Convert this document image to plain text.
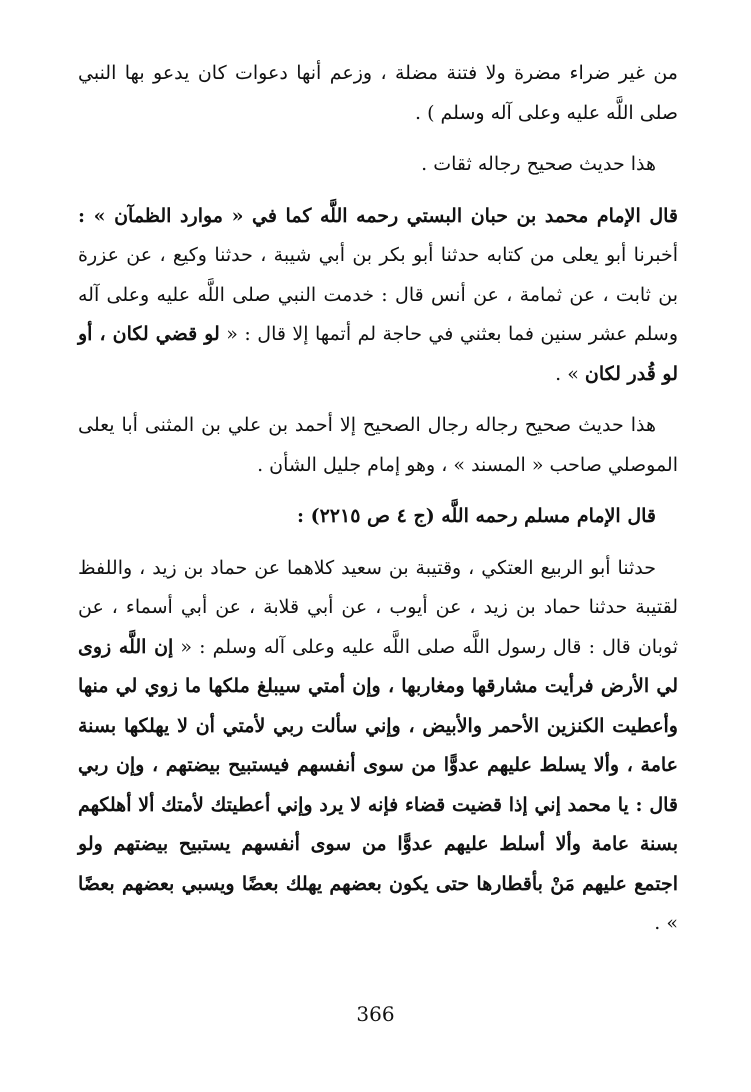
من غير ضراء مضرة ولا فتنة مضلة ، وزعم أنها دعوات كان يدعو بها النبي صلى اللَّه عليه وعلى آله وسلم ) .

هذا حديث صحيح رجاله ثقات .

قال الإمام محمد بن حبان البستي رحمه اللَّه كما في « موارد الظمآن » : أخبرنا أبو يعلى من كتابه حدثنا أبو بكر بن أبي شيبة ، حدثنا وكيع ، عن عزرة بن ثابت ، عن ثمامة ، عن أنس قال : خدمت النبي صلى اللَّه عليه وعلى آله وسلم عشر سنين فما بعثني في حاجة لم أتمها إلا قال : « لو قضي لكان ، أو لو قُدر لكان » .

هذا حديث صحيح رجاله رجال الصحيح إلا أحمد بن علي بن المثنى أبا يعلى الموصلي صاحب « المسند » ، وهو إمام جليل الشأن .

قال الإمام مسلم رحمه اللَّه (ج ٤ ص ٢٢١٥) :

حدثنا أبو الربيع العتكي ، وقتيبة بن سعيد كلاهما عن حماد بن زيد ، واللفظ لقتيبة حدثنا حماد بن زيد ، عن أيوب ، عن أبي قلابة ، عن أبي أسماء ، عن ثوبان قال : قال رسول اللَّه صلى اللَّه عليه وعلى آله وسلم : « إن اللَّه زوى لي الأرض فرأيت مشارقها ومغاربها ، وإن أمتي سيبلغ ملكها ما زوي لي منها وأعطيت الكنزين الأحمر والأبيض ، وإني سألت ربي لأمتي أن لا يهلكها بسنة عامة ، وألا يسلط عليهم عدوًّا من سوى أنفسهم فيستبيح بيضتهم ، وإن ربي قال : يا محمد إني إذا قضيت قضاء فإنه لا يرد وإني أعطيتك لأمتك ألا أهلكهم بسنة عامة وألا أسلط عليهم عدوًّا من سوى أنفسهم يستبيح بيضتهم ولو اجتمع عليهم مَنْ بأقطارها حتى يكون بعضهم يهلك بعضًا ويسبي بعضهم بعضًا » .

366
